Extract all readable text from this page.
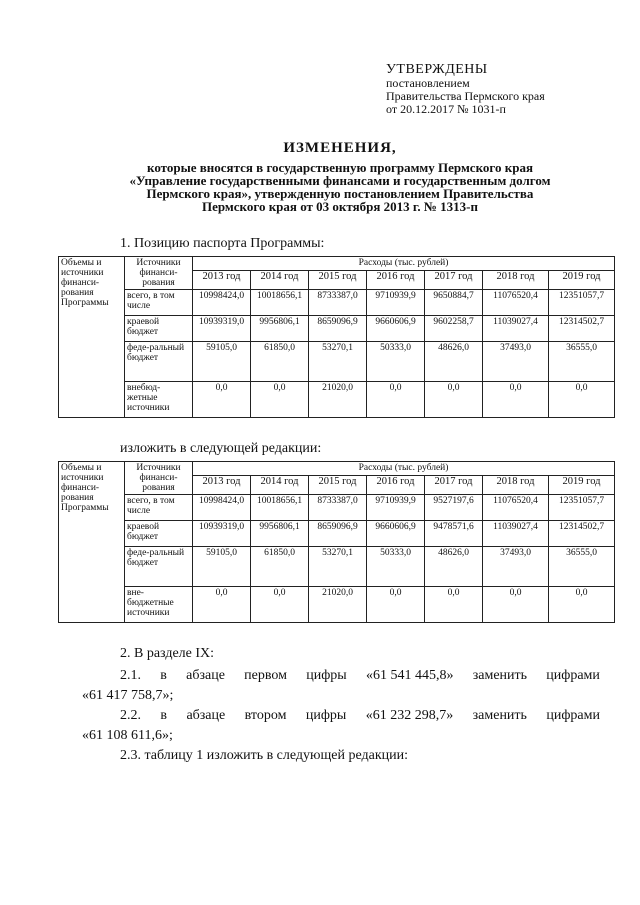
УТВЕРЖДЕНЫ
постановлением
Правительства Пермского края
от 20.12.2017 № 1031-п
ИЗМЕНЕНИЯ,
которые вносятся в государственную программу Пермского края
«Управление государственными финансами и государственным долгом
Пермского края», утвержденную постановлением Правительства
Пермского края от 03 октября 2013 г. № 1313-п
1. Позицию паспорта Программы:
Объемы и источники финанси-рования Программы	Источники финанси-рования	Расходы (тыс. рублей)						
		2013 год	2014 год	2015 год	2016 год	2017 год	2018 год	2019 год
	всего, в том числе	10998424,0	10018656,1	8733387,0	9710939,9	9650884,7	11076520,4	12351057,7
	краевой бюджет	10939319,0	9956806,1	8659096,9	9660606,9	9602258,7	11039027,4	12314502,7
	феде-ральный бюджет	59105,0	61850,0	53270,1	50333,0	48626,0	37493,0	36555,0
	внебюд-жетные источники	0,0	0,0	21020,0	0,0	0,0	0,0	0,0
изложить в следующей редакции:
Объемы и источники финанси-рования Программы	Источники финанси-рования	Расходы (тыс. рублей)						
		2013 год	2014 год	2015 год	2016 год	2017 год	2018 год	2019 год
	всего, в том числе	10998424,0	10018656,1	8733387,0	9710939,9	9527197,6	11076520,4	12351057,7
	краевой бюджет	10939319,0	9956806,1	8659096,9	9660606,9	9478571,6	11039027,4	12314502,7
	феде-ральный бюджет	59105,0	61850,0	53270,1	50333,0	48626,0	37493,0	36555,0
	вне-бюджетные источники	0,0	0,0	21020,0	0,0	0,0	0,0	0,0
2. В разделе IX:
2.1. в абзаце первом цифры «61 541 445,8» заменить цифрами
«61 417 758,7»;
2.2. в абзаце втором цифры «61 232 298,7» заменить цифрами
«61 108 611,6»;
2.3. таблицу 1 изложить в следующей редакции:
